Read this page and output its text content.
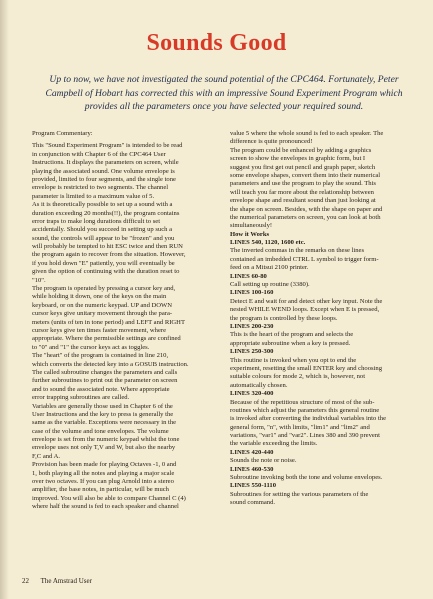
Sounds Good
Up to now, we have not investigated the sound potential of the CPC464. Fortunately, Peter
Campbell of Hobart has corrected this with an impressive Sound Experiment Program which
provides all the parameters once you have selected your required sound.
Program Commentary:
This "Sound Experiment Program" is intended to be read
in conjunction with Chapter 6 of the CPC464 User
Instructions. It displays the parameters on screen, while
playing the associated sound. One volume envelope is
provided, limited to four segments, and the single tone
envelope is restricted to two segments. The channel
parameter is limited to a maximum value of 5.
As it is theoretically possible to set up a sound with a
duration exceeding 20 months(!!), the program contains
error traps to make long durations difficult to set
accidentally. Should you succeed in setting up such a
sound, the controls will appear to be "frozen" and you
will probably be tempted to hit ESC twice and then RUN
the program again to recover from the situation. However,
if you hold down "E" patiently, you will eventually be
given the option of continuing with the duration reset to
"10".
The program is operated by pressing a cursor key and,
while holding it down, one of the keys on the main
keyboard, or on the numeric keypad. UP and DOWN
cursor keys give unitary movement through the para-
meters (units of ten in tone period) and LEFT and RIGHT
cursor keys give ten times faster movement, where
appropriate. Where the permissible settings are confined
to "0" and "1" the cursor keys act as toggles.
The "heart" of the program is contained in line 210,
which converts the detected key into a GOSUB instruction.
The called subroutine changes the parameters and calls
further subroutines to print out the parameter on screen
and to sound the associated note. Where appropriate
error trapping subroutines are called.
Variables are generally those used in Chapter 6 of the
User Instructions and the key to press is generally the
same as the variable. Exceptions were necessary in the
case of the volume and tone envelopes. The volume
envelope is set from the numeric keypad whilst the tone
envelope uses not only T,V and W, but also the nearby
F,C and A.
Provision has been made for playing Octaves -1, 0 and
1, both playing all the notes and playing a major scale
over two octaves. If you can plug Arnold into a stereo
amplifier, the base notes, in particular, will be much
improved. You will also be able to compare Channel C (4)
where half the sound is fed to each speaker and channel
value 5 where the whole sound is fed to each speaker. The
difference is quite pronounced!
The program could be enhanced by adding a graphics
screen to show the envelopes in graphic form, but I
suggest you first get out pencil and graph paper, sketch
some envelope shapes, convert them into their numerical
parameters and use the program to play the sound. This
will teach you far more about the relationship between
envelope shape and resultant sound than just looking at
the shape on screen. Besides, with the shape on paper and
the numerical parameters on screen, you can look at both
simultaneously!
How it Works
LINES 540, 1120, 1600 etc.
The inverted commas in the remarks on these lines
contained an imbedded CTRL L symbol to trigger form-
feed on a Mitsui 2100 printer.
LINES 60-80
Call setting up routine (3380).
LINES 100-160
Detect E and wait for and detect other key input. Note the
nested WHILE WEND loops. Except when E is pressed,
the program is controlled by these loops.
LINES 200-230
This is the heart of the program and selects the
appropriate subroutine when a key is pressed.
LINES 250-300
This routine is invoked when you opt to end the
experiment, resetting the small ENTER key and choosing
suitable colours for mode 2, which is, however, not
automatically chosen.
LINES 320-400
Because of the repetitious structure of most of the sub-
routines which adjust the parameters this general routine
is invoked after converting the individual variables into the
general form, "n", with limits, "lim1" and "lim2" and
variations, "var1" and "var2". Lines 380 and 390 prevent
the variable exceeding the limits.
LINES 420-440
Sounds the note or noise.
LINES 460-530
Subroutine invoking both the tone and volume envelopes.
LINES 550-1110
Subroutines for setting the various parameters of the
sound command.
22 The Amstrad User
